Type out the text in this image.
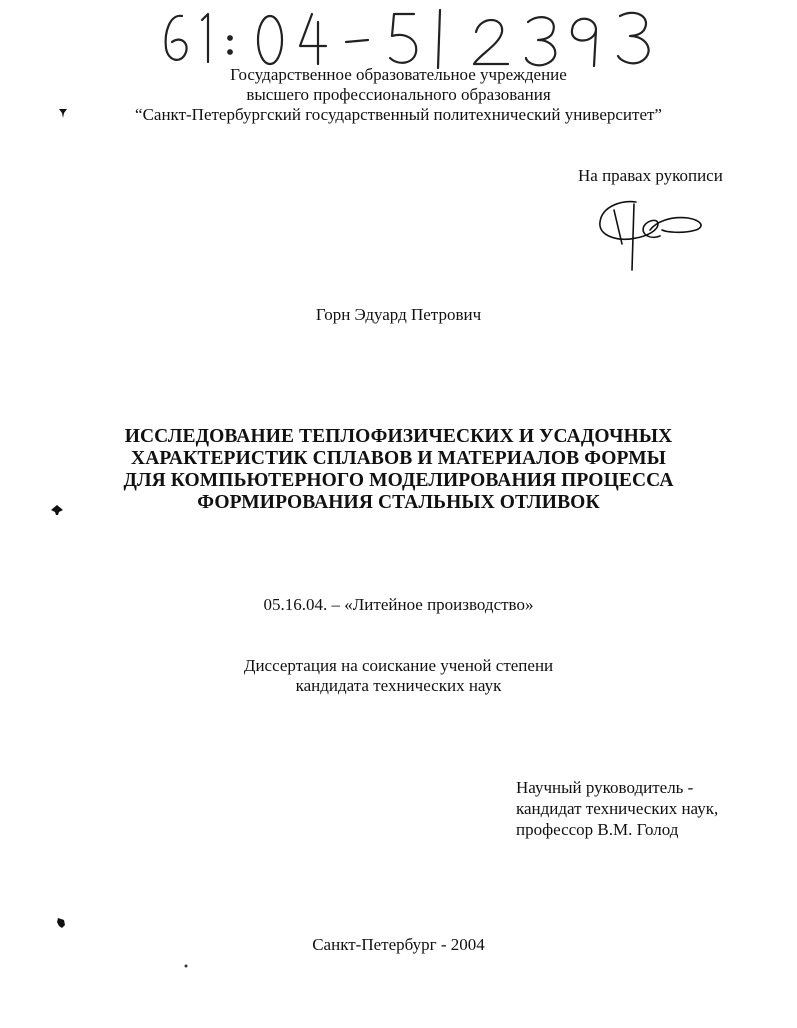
Государственное образовательное учреждение
высшего профессионального образования
“Санкт-Петербургский государственный политехнический университет”
На правах рукописи
Горн Эдуард Петрович
ИССЛЕДОВАНИЕ ТЕПЛОФИЗИЧЕСКИХ И УСАДОЧНЫХ
ХАРАКТЕРИСТИК СПЛАВОВ И МАТЕРИАЛОВ ФОРМЫ
ДЛЯ КОМПЬЮТЕРНОГО МОДЕЛИРОВАНИЯ ПРОЦЕССА
ФОРМИРОВАНИЯ СТАЛЬНЫХ ОТЛИВОК
05.16.04. – «Литейное производство»
Диссертация на соискание ученой степени
кандидата технических наук
Научный руководитель -
кандидат технических наук,
профессор В.М. Голод
Санкт-Петербург - 2004
